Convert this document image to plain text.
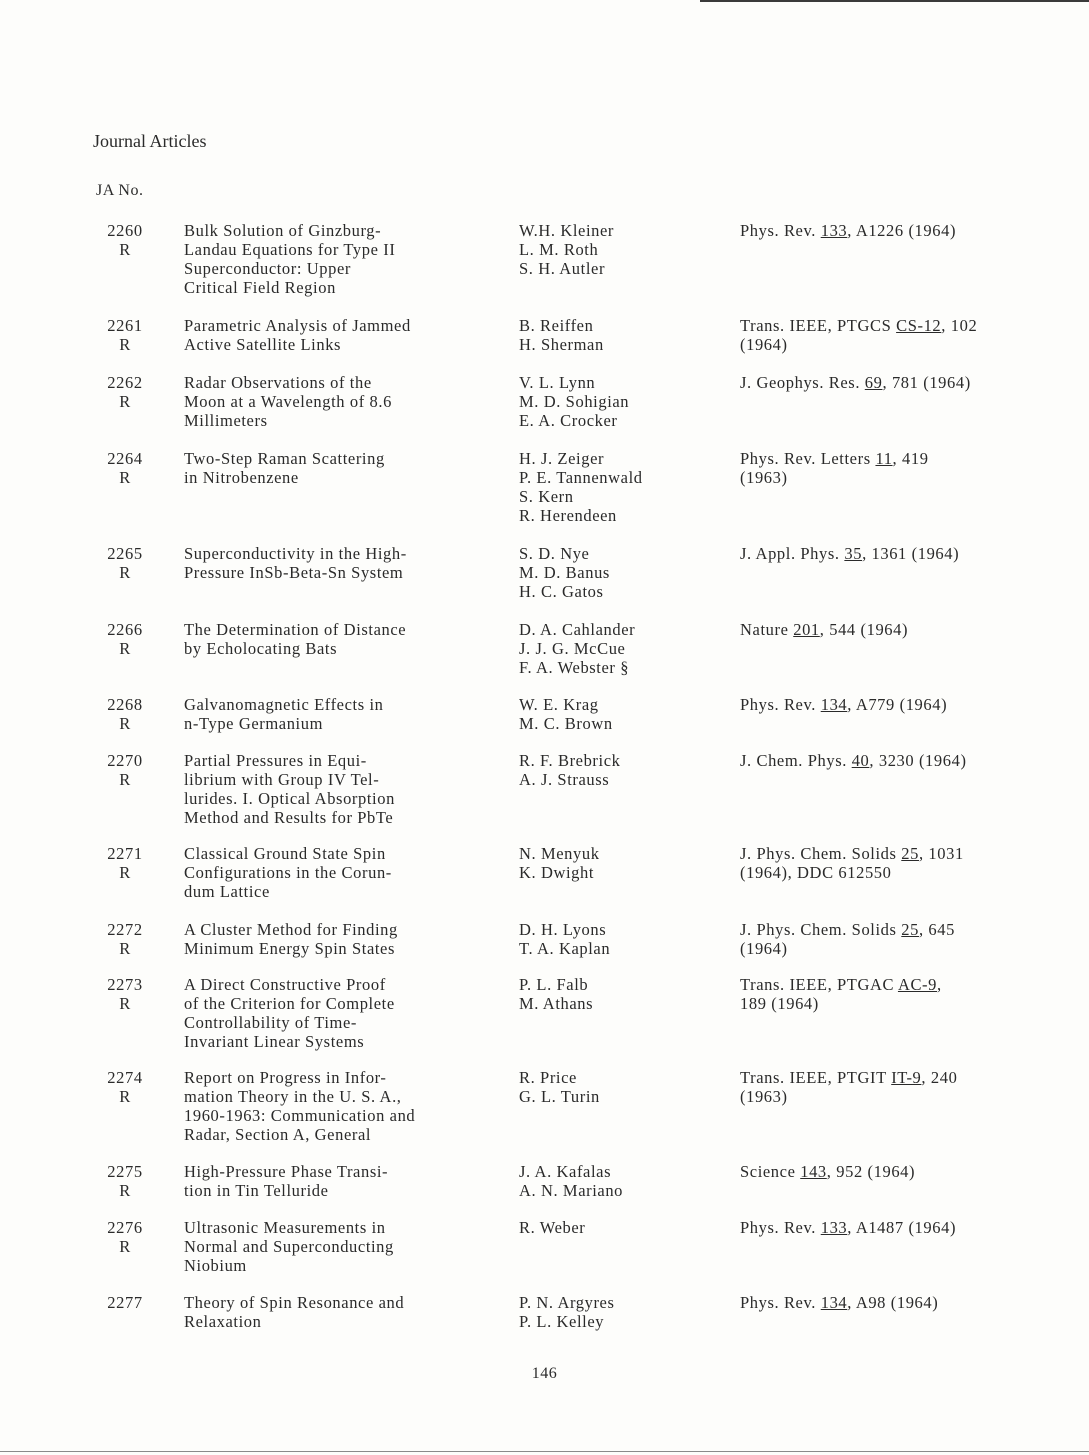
Journal Articles
JA No.
2260
R
Bulk Solution of Ginzburg-
Landau Equations for Type II
Superconductor: Upper
Critical Field Region
W.H. Kleiner
L. M. Roth
S. H. Autler
Phys. Rev. 133, A1226 (1964)
2261
R
Parametric Analysis of Jammed
Active Satellite Links
B. Reiffen
H. Sherman
Trans. IEEE, PTGCS CS-12, 102
(1964)
2262
R
Radar Observations of the
Moon at a Wavelength of 8.6
Millimeters
V. L. Lynn
M. D. Sohigian
E. A. Crocker
J. Geophys. Res. 69, 781 (1964)
2264
R
Two-Step Raman Scattering
in Nitrobenzene
H. J. Zeiger
P. E. Tannenwald
S. Kern
R. Herendeen
Phys. Rev. Letters 11, 419
(1963)
2265
R
Superconductivity in the High-
Pressure InSb-Beta-Sn System
S. D. Nye
M. D. Banus
H. C. Gatos
J. Appl. Phys. 35, 1361 (1964)
2266
R
The Determination of Distance
by Echolocating Bats
D. A. Cahlander
J. J. G. McCue
F. A. Webster §
Nature 201, 544 (1964)
2268
R
Galvanomagnetic Effects in
n-Type Germanium
W. E. Krag
M. C. Brown
Phys. Rev. 134, A779 (1964)
2270
R
Partial Pressures in Equi-
librium with Group IV Tel-
lurides. I. Optical Absorption
Method and Results for PbTe
R. F. Brebrick
A. J. Strauss
J. Chem. Phys. 40, 3230 (1964)
2271
R
Classical Ground State Spin
Configurations in the Corun-
dum Lattice
N. Menyuk
K. Dwight
J. Phys. Chem. Solids 25, 1031
(1964), DDC 612550
2272
R
A Cluster Method for Finding
Minimum Energy Spin States
D. H. Lyons
T. A. Kaplan
J. Phys. Chem. Solids 25, 645
(1964)
2273
R
A Direct Constructive Proof
of the Criterion for Complete
Controllability of Time-
Invariant Linear Systems
P. L. Falb
M. Athans
Trans. IEEE, PTGAC AC-9,
189 (1964)
2274
R
Report on Progress in Infor-
mation Theory in the U. S. A.,
1960-1963: Communication and
Radar, Section A, General
R. Price
G. L. Turin
Trans. IEEE, PTGIT IT-9, 240
(1963)
2275
R
High-Pressure Phase Transi-
tion in Tin Telluride
J. A. Kafalas
A. N. Mariano
Science 143, 952 (1964)
2276
R
Ultrasonic Measurements in
Normal and Superconducting
Niobium
R. Weber	Phys. Rev. 133, A1487 (1964)
2277	Theory of Spin Resonance and
Relaxation
P. N. Argyres
P. L. Kelley
Phys. Rev. 134, A98 (1964)
146
